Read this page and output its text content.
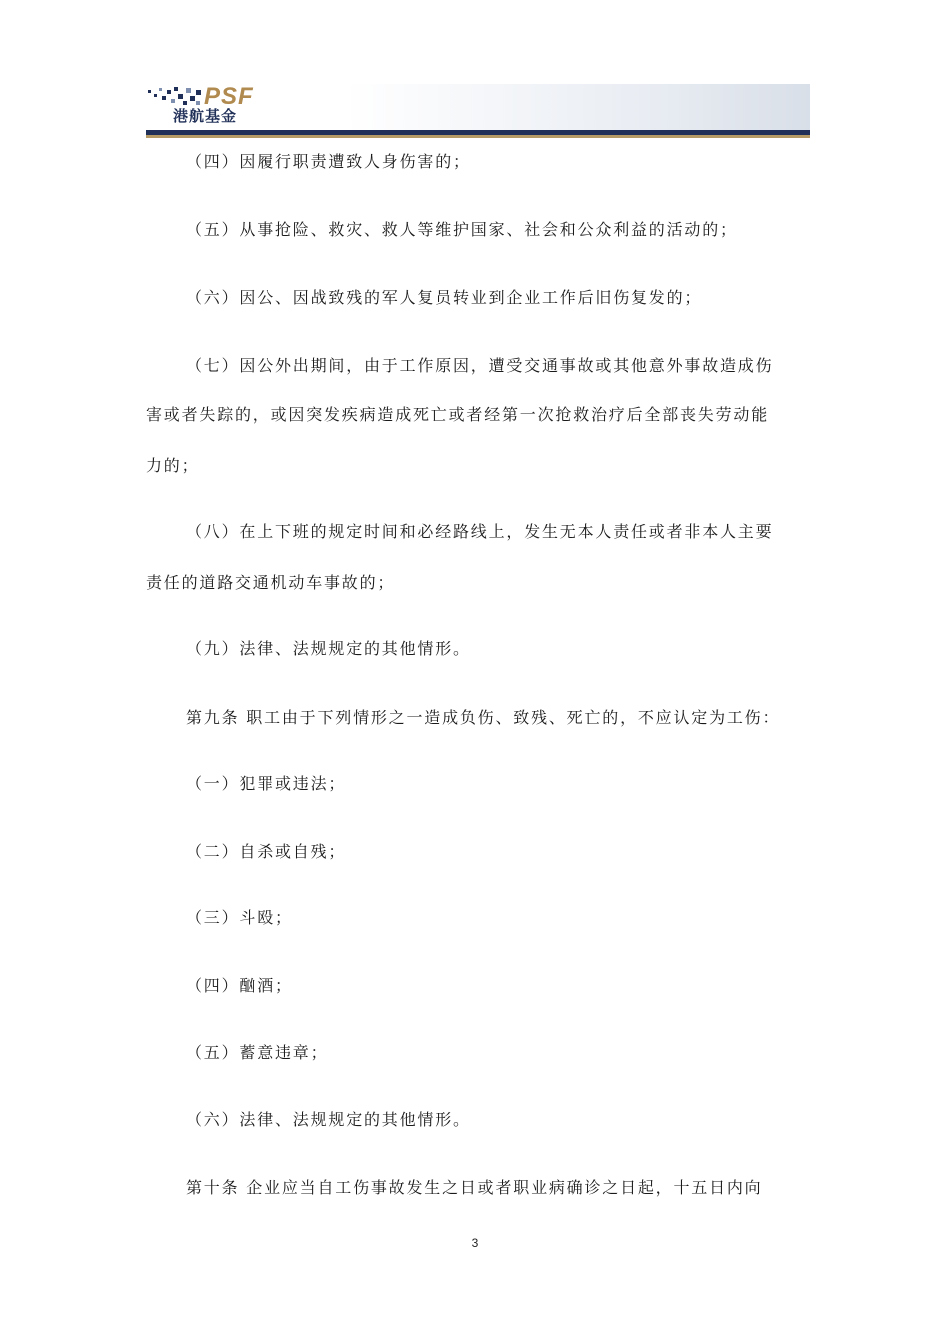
PSF
港航基金
（四）因履行职责遭致人身伤害的；
（五）从事抢险、救灾、救人等维护国家、社会和公众利益的活动的；
（六）因公、因战致残的军人复员转业到企业工作后旧伤复发的；
（七）因公外出期间，由于工作原因，遭受交通事故或其他意外事故造成伤
害或者失踪的，或因突发疾病造成死亡或者经第一次抢救治疗后全部丧失劳动能
力的；
（八）在上下班的规定时间和必经路线上，发生无本人责任或者非本人主要
责任的道路交通机动车事故的；
（九）法律、法规规定的其他情形。
第九条 职工由于下列情形之一造成负伤、致残、死亡的，不应认定为工伤：
（一）犯罪或违法；
（二）自杀或自残；
（三）斗殴；
（四）酗酒；
（五）蓄意违章；
（六）法律、法规规定的其他情形。
第十条 企业应当自工伤事故发生之日或者职业病确诊之日起，十五日内向
3
